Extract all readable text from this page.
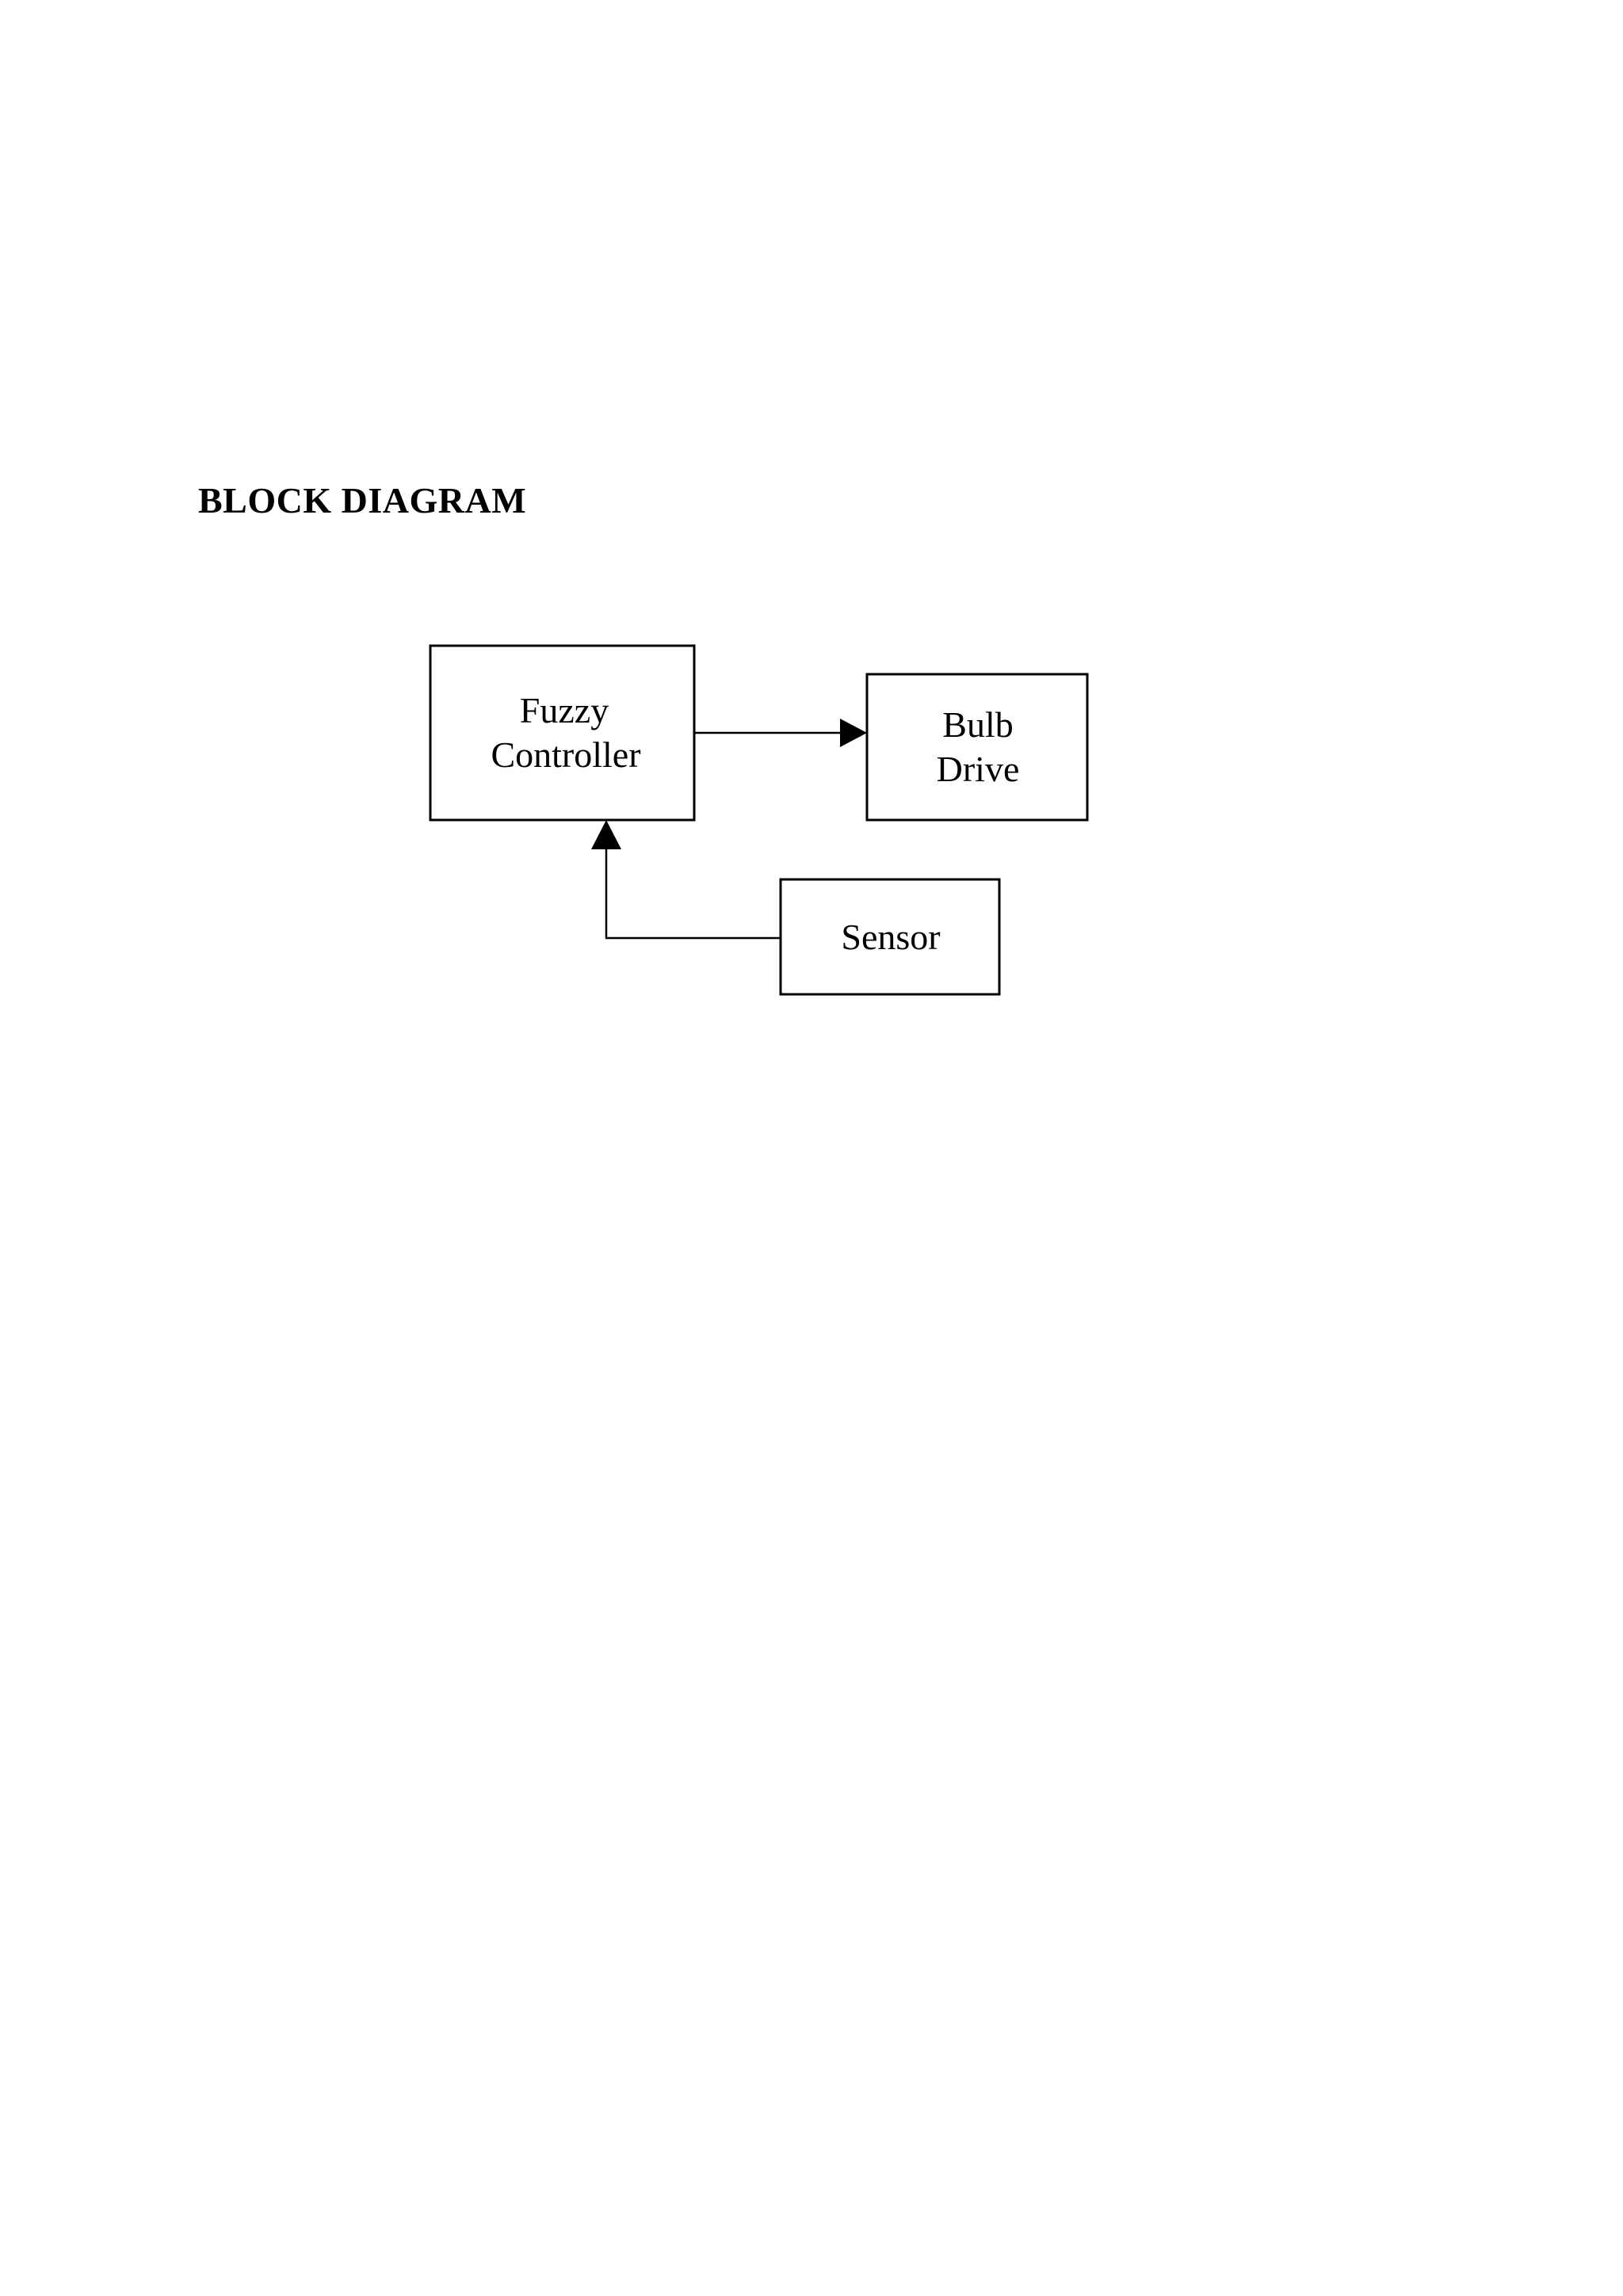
BLOCK DIAGRAM
Fuzzy
Controller
Bulb
Drive
Sensor
